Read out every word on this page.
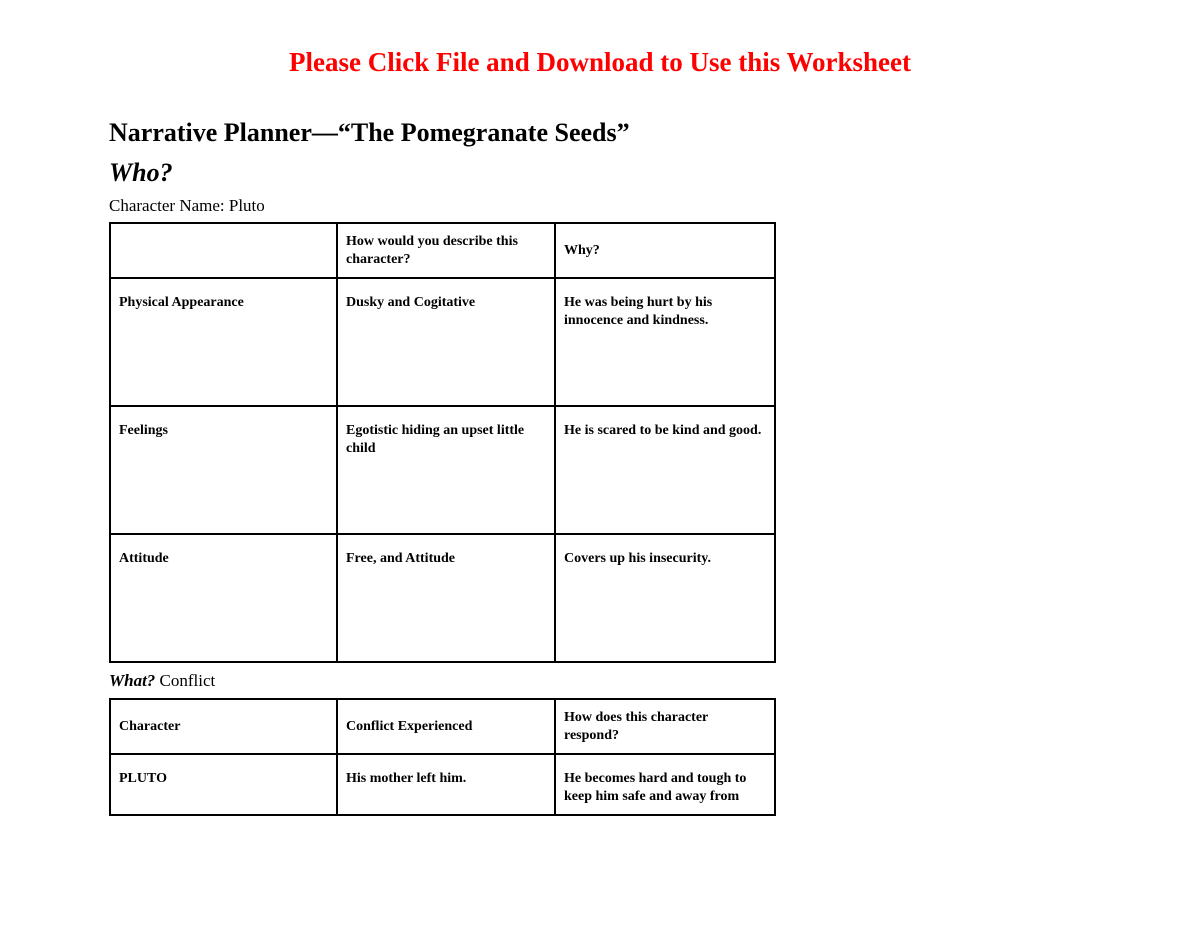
Please Click File and Download to Use this Worksheet
Narrative Planner—“The Pomegranate Seeds”
Who?
Character Name: Pluto
	How would you describe this character?	Why?
Physical Appearance	Dusky and Cogitative	He was being hurt by his innocence and kindness.
Feelings	Egotistic hiding an upset little child	He is scared to be kind and good.
Attitude	Free, and Attitude	Covers up his insecurity.
What? Conflict
Character	Conflict Experienced	How does this character respond?
PLUTO	His mother left him.	He becomes hard and tough to keep him safe and away from
